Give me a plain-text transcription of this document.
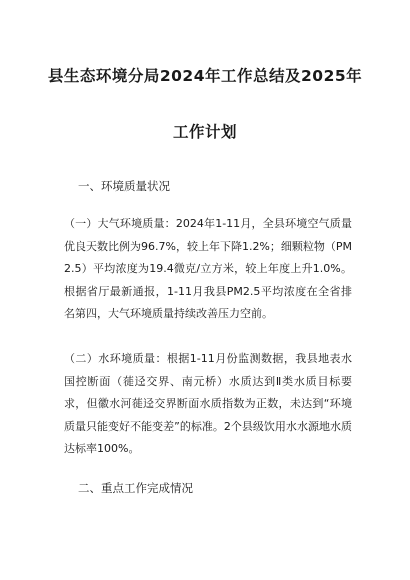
县生态环境分局2024年工作总结及2025年
工作计划
一、环境质量状况
（一）大气环境质量：2024年1-11月，全县环境空气质量优良天数比例为96.7%，较上年下降1.2%；细颗粒物（PM2.5）平均浓度为19.4微克/立方米，较上年度上升1.0%。根据省厅最新通报，1-11月我县PM2.5平均浓度在全省排名第四，大气环境质量持续改善压力空前。
（二）水环境质量：根据1-11月份监测数据，我县地表水国控断面（蓰迳交界、南元桥）水质达到Ⅱ类水质目标要求，但徽水河蓰迳交界断面水质指数为正数，未达到“环境质量只能变好不能变差”的标准。2个县级饮用水水源地水质达标率100%。
二、重点工作完成情况
